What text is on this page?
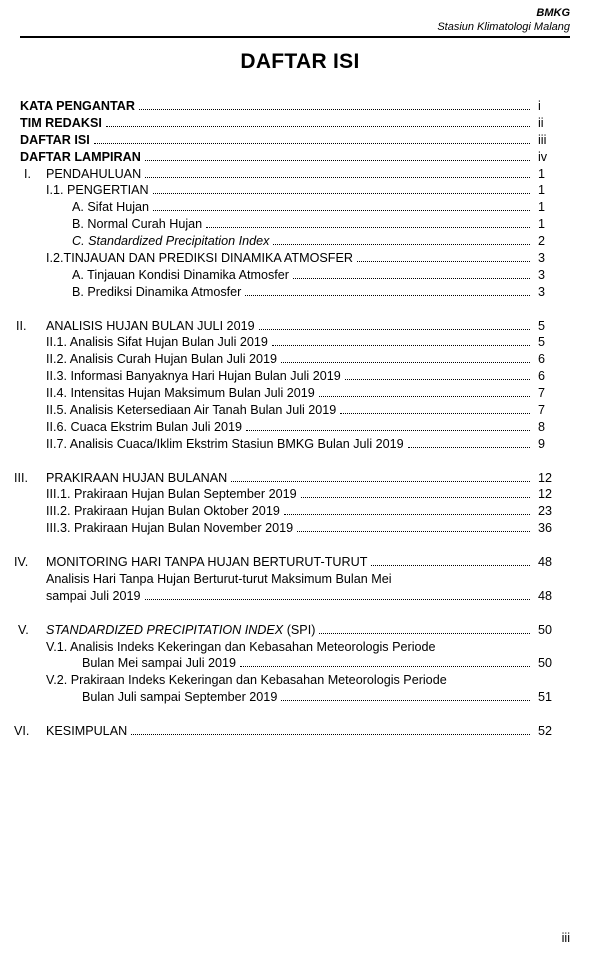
BMKG
Stasiun Klimatologi Malang
DAFTAR ISI
KATA PENGANTAR	i
TIM REDAKSI	ii
DAFTAR ISI	iii
DAFTAR LAMPIRAN	iv
I. PENDAHULUAN	1
I.1. PENGERTIAN	1
A. Sifat Hujan	1
B. Normal Curah Hujan	1
C. Standardized Precipitation Index	2
I.2.TINJAUAN DAN PREDIKSI DINAMIKA ATMOSFER	3
A. Tinjauan Kondisi Dinamika Atmosfer	3
B. Prediksi Dinamika Atmosfer	3
II. ANALISIS HUJAN BULAN JULI 2019	5
II.1. Analisis Sifat Hujan Bulan Juli 2019	5
II.2. Analisis Curah Hujan Bulan Juli 2019	6
II.3. Informasi Banyaknya Hari Hujan Bulan Juli 2019	6
II.4. Intensitas Hujan Maksimum Bulan Juli 2019	7
II.5. Analisis Ketersediaan Air Tanah Bulan Juli 2019	7
II.6. Cuaca Ekstrim Bulan Juli 2019	8
II.7. Analisis Cuaca/Iklim Ekstrim Stasiun BMKG Bulan Juli 2019	9
III. PRAKIRAAN HUJAN BULANAN	12
III.1. Prakiraan Hujan Bulan September 2019	12
III.2. Prakiraan Hujan Bulan Oktober 2019	23
III.3. Prakiraan Hujan Bulan November 2019	36
IV. MONITORING HARI TANPA HUJAN BERTURUT-TURUT	48
Analisis Hari Tanpa Hujan Berturut-turut Maksimum Bulan Mei
sampai Juli 2019	48
V. STANDARDIZED PRECIPITATION INDEX (SPI)	50
V.1. Analisis Indeks Kekeringan dan Kebasahan Meteorologis Periode
Bulan Mei sampai Juli 2019	50
V.2. Prakiraan Indeks Kekeringan dan Kebasahan Meteorologis Periode
Bulan Juli sampai September 2019	51
VI. KESIMPULAN	52
iii
